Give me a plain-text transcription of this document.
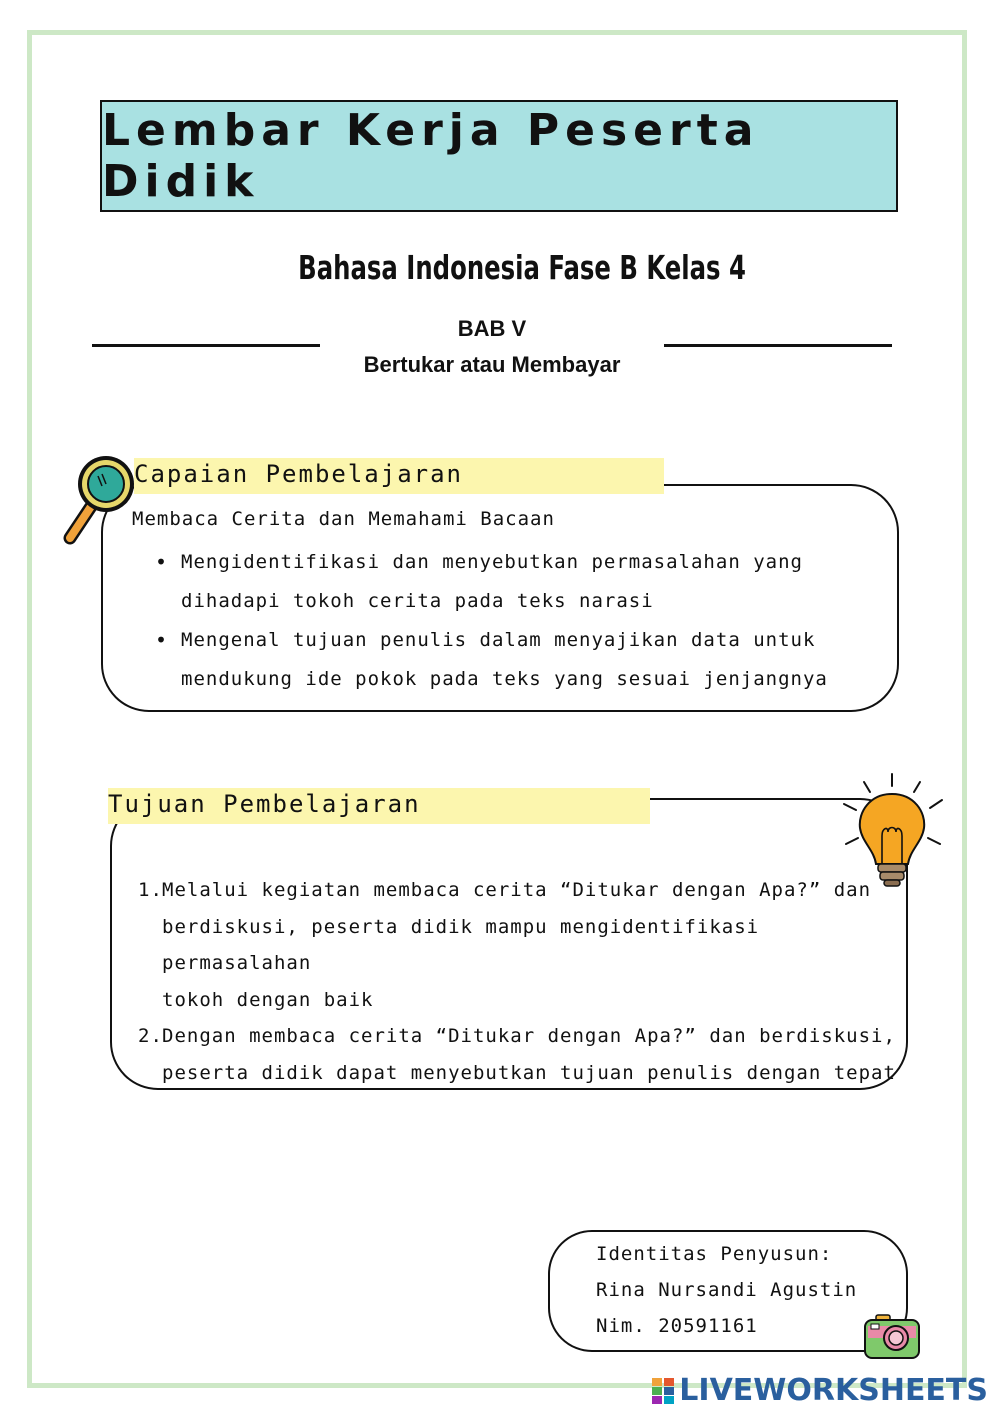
Lembar Kerja Peserta Didik
Bahasa Indonesia Fase B Kelas 4
BAB V
Bertukar atau Membayar
Capaian Pembelajaran
Membaca Cerita dan Memahami Bacaan
• Mengidentifikasi dan menyebutkan permasalahan yang
dihadapi tokoh cerita pada teks narasi
• Mengenal tujuan penulis dalam menyajikan data untuk
mendukung ide pokok pada teks yang sesuai jenjangnya
Tujuan Pembelajaran
1. Melalui kegiatan membaca cerita “Ditukar dengan Apa?” dan
berdiskusi, peserta didik mampu mengidentifikasi permasalahan
tokoh dengan baik
2. Dengan membaca cerita “Ditukar dengan Apa?” dan berdiskusi,
peserta didik dapat menyebutkan tujuan penulis dengan tepat
Identitas Penyusun:
Rina Nursandi Agustin
Nim. 20591161
LIVEWORKSHEETS
